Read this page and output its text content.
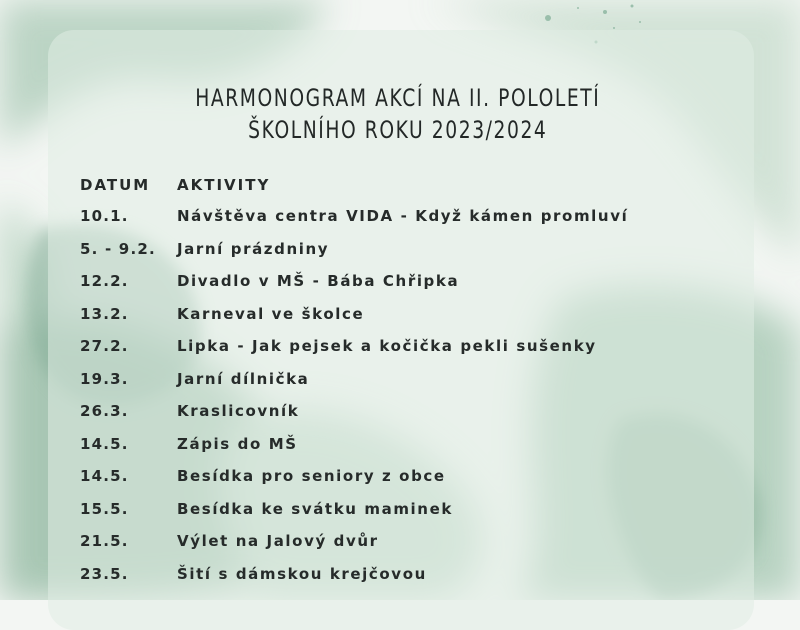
HARMONOGRAM AKCÍ NA II. POLOLETÍ
ŠKOLNÍHO ROKU 2023/2024
DATUM AKTIVITY
10.1.	Návštěva centra VIDA - Když kámen promluví
5. - 9.2. Jarní prázdniny
12.2.	Divadlo v MŠ - Bába Chřipka
13.2.	Karneval ve školce
27.2.	Lipka - Jak pejsek a kočička pekli sušenky
19.3.	Jarní dílnička
26.3.	Kraslicovník
14.5.	Zápis do MŠ
14.5.	Besídka pro seniory z obce
15.5.	Besídka ke svátku maminek
21.5.	Výlet na Jalový dvůr
23.5.	Šití s dámskou krejčovou
